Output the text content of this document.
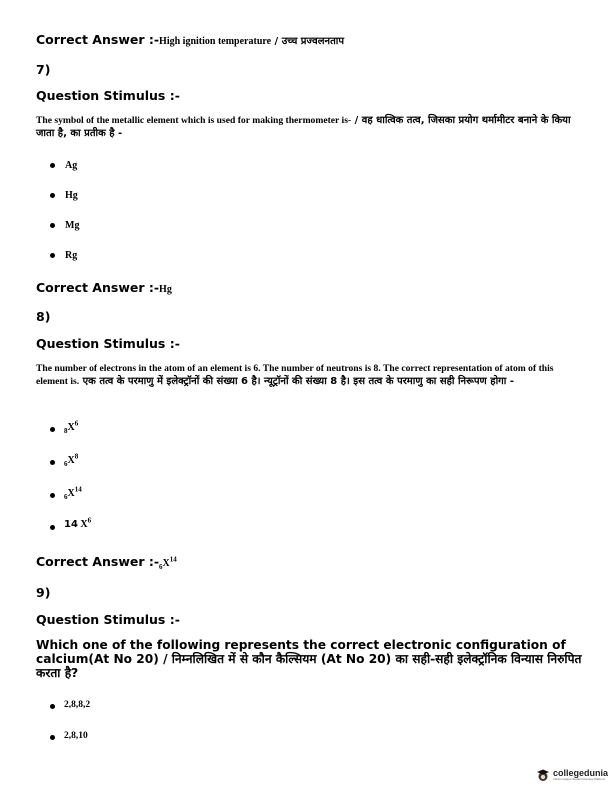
Correct Answer :-High ignition temperature / उच्च प्रज्वलनताप
7)
Question Stimulus :-
The symbol of the metallic element which is used for making thermometer is- / वह धात्विक तत्व, जिसका प्रयोग थर्मामीटर बनाने के किया जाता है, का प्रतीक है -
Ag
Hg
Mg
Rg
Correct Answer :-Hg
8)
Question Stimulus :-
The number of electrons in the atom of an element is 6. The number of neutrons is 8. The correct representation of atom of this element is. एक तत्व के परमाणु में इलेक्ट्रॉनों की संख्या 6 है। न्यूट्रॉनों की संख्या 8 है। इस तत्व के परमाणु का सही निरूपण होगा -
$_8X^6$
$_6X^8$
$_6X^{14}$
14 $X^6$
Correct Answer $:-_6X^{14}$
9)
Question Stimulus :-
Which one of the following represents the correct electronic configuration of calcium(At No 20) / निम्नलिखित में से कौन कैल्सियम (At No 20) का सही-सही इलेक्ट्रॉनिक विन्यास निरुपित करता है?
2,8,8,2
2,8,10
collegedunia
India's largest Student Review Platform
